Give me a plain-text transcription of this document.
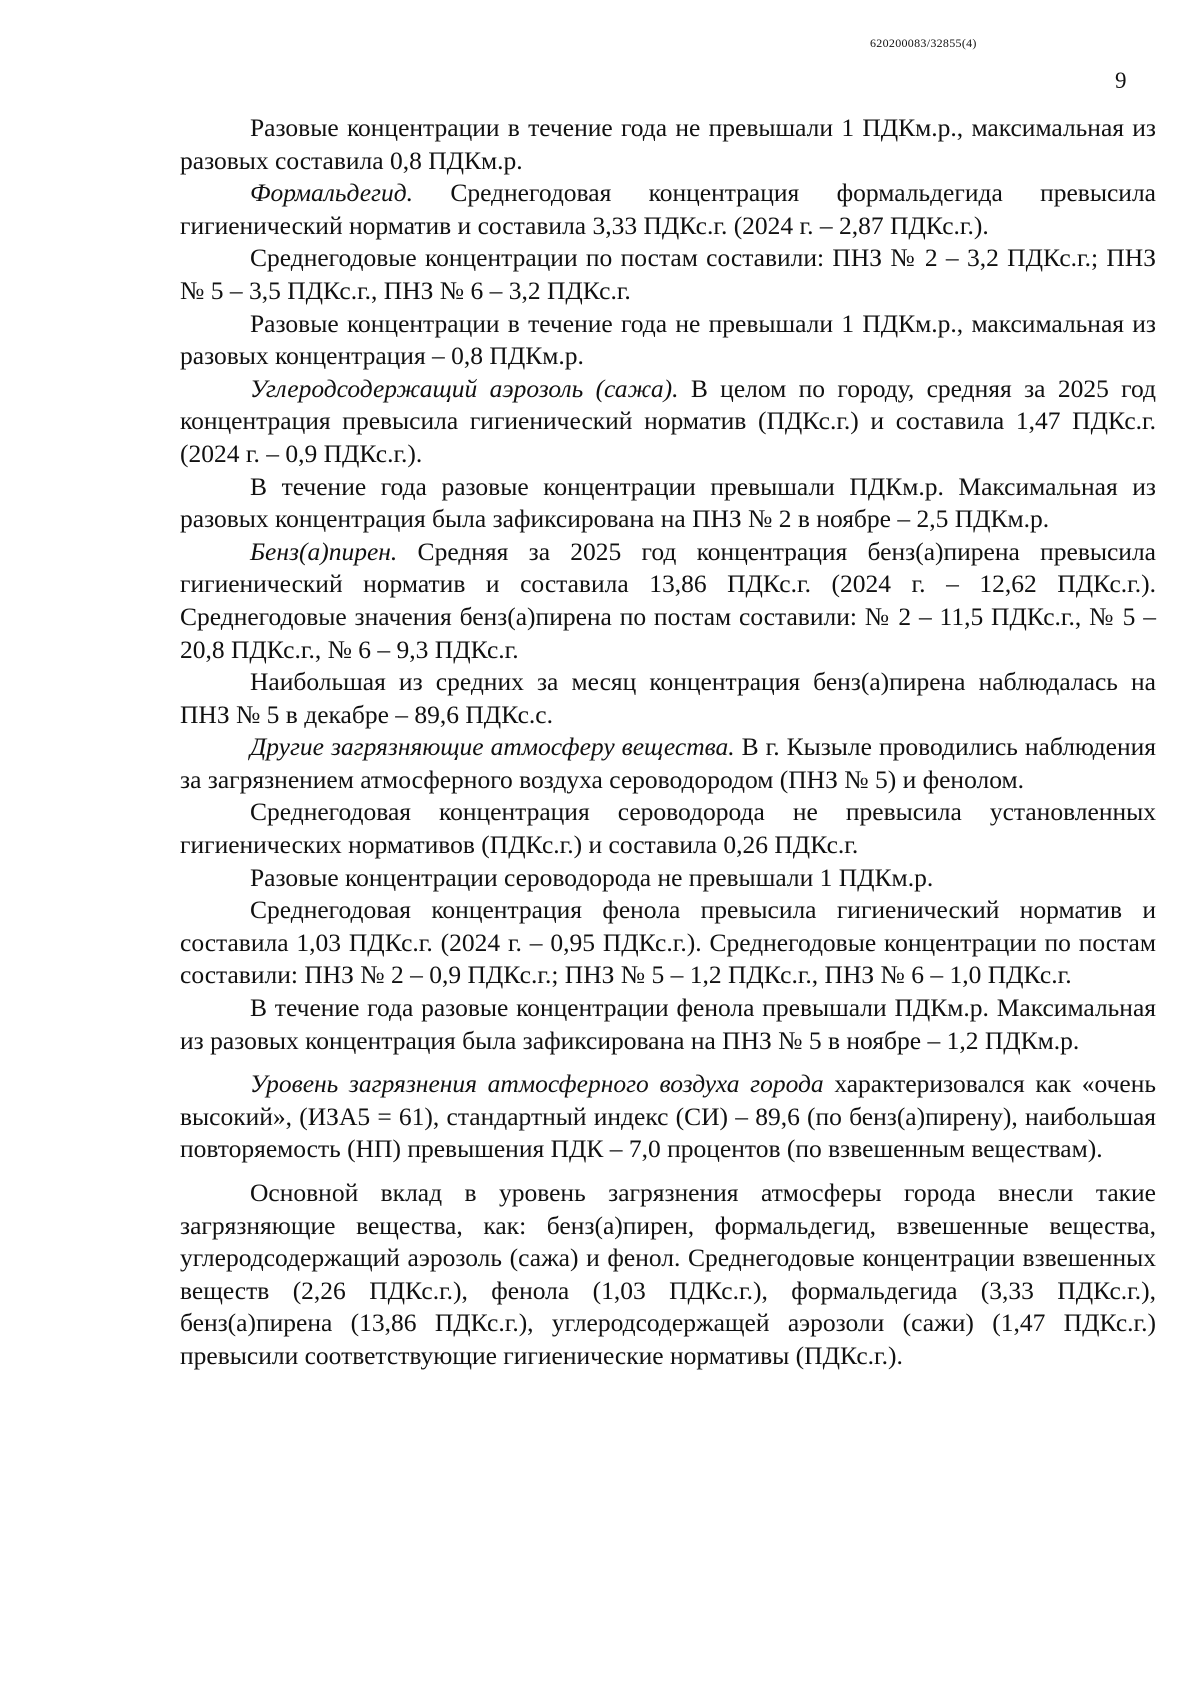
620200083/32855(4)
9

Разовые концентрации в течение года не превышали 1 ПДКм.р., максимальная из разовых составила 0,8 ПДКм.р.

Формальдегид. Среднегодовая концентрация формальдегида превысила гигиенический норматив и составила 3,33 ПДКс.г. (2024 г. – 2,87 ПДКс.г.).

Среднегодовые концентрации по постам составили: ПНЗ № 2 – 3,2 ПДКс.г.; ПНЗ № 5 – 3,5 ПДКс.г., ПНЗ № 6 – 3,2 ПДКс.г.

Разовые концентрации в течение года не превышали 1 ПДКм.р., максимальная из разовых концентрация – 0,8 ПДКм.р.

Углеродсодержащий аэрозоль (сажа). В целом по городу, средняя за 2025 год концентрация превысила гигиенический норматив (ПДКс.г.) и составила 1,47 ПДКс.г. (2024 г. – 0,9 ПДКс.г.).

В течение года разовые концентрации превышали ПДКм.р. Максимальная из разовых концентрация была зафиксирована на ПНЗ № 2 в ноябре – 2,5 ПДКм.р.

Бенз(а)пирен. Средняя за 2025 год концентрация бенз(а)пирена превысила гигиенический норматив и составила 13,86 ПДКс.г. (2024 г. – 12,62 ПДКс.г.). Среднегодовые значения бенз(а)пирена по постам составили: № 2 – 11,5 ПДКс.г., № 5 – 20,8 ПДКс.г., № 6 – 9,3 ПДКс.г.

Наибольшая из средних за месяц концентрация бенз(а)пирена наблюдалась на ПНЗ № 5 в декабре – 89,6 ПДКс.с.

Другие загрязняющие атмосферу вещества. В г. Кызыле проводились наблюдения за загрязнением атмосферного воздуха сероводородом (ПНЗ № 5) и фенолом.

Среднегодовая концентрация сероводорода не превысила установленных гигиенических нормативов (ПДКс.г.) и составила 0,26 ПДКс.г.

Разовые концентрации сероводорода не превышали 1 ПДКм.р.

Среднегодовая концентрация фенола превысила гигиенический норматив и составила 1,03 ПДКс.г. (2024 г. – 0,95 ПДКс.г.). Среднегодовые концентрации по постам составили: ПНЗ № 2 – 0,9 ПДКс.г.; ПНЗ № 5 – 1,2 ПДКс.г., ПНЗ № 6 – 1,0 ПДКс.г.

В течение года разовые концентрации фенола превышали ПДКм.р. Максимальная из разовых концентрация была зафиксирована на ПНЗ № 5 в ноябре – 1,2 ПДКм.р.

Уровень загрязнения атмосферного воздуха города характеризовался как «очень высокий», (ИЗА5 = 61), стандартный индекс (СИ) – 89,6 (по бенз(а)пирену), наибольшая повторяемость (НП) превышения ПДК – 7,0 процентов (по взвешенным веществам).

Основной вклад в уровень загрязнения атмосферы города внесли такие загрязняющие вещества, как: бенз(а)пирен, формальдегид, взвешенные вещества, углеродсодержащий аэрозоль (сажа) и фенол. Среднегодовые концентрации взвешенных веществ (2,26 ПДКс.г.), фенола (1,03 ПДКс.г.), формальдегида (3,33 ПДКс.г.), бенз(а)пирена (13,86 ПДКс.г.), углеродсодержащей аэрозоли (сажи) (1,47 ПДКс.г.) превысили соответствующие гигиенические нормативы (ПДКс.г.).
